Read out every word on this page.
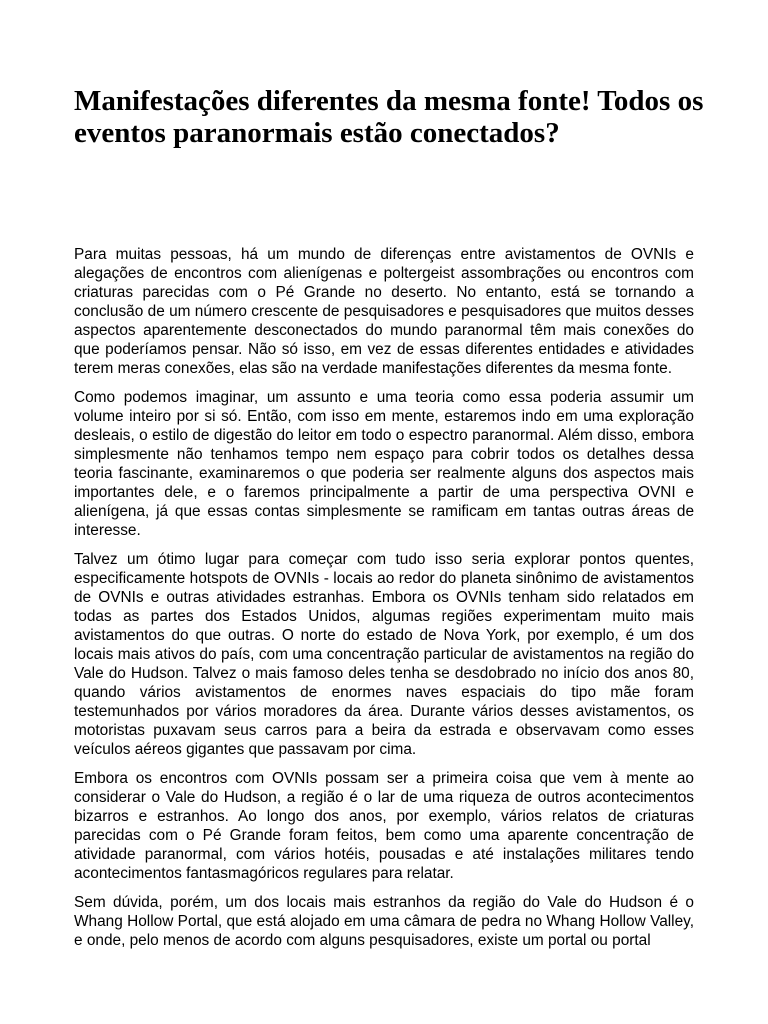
Manifestações diferentes da mesma fonte! Todos os eventos paranormais estão conectados?

Para muitas pessoas, há um mundo de diferenças entre avistamentos de OVNIs e alegações de encontros com alienígenas e poltergeist assombrações ou encontros com criaturas parecidas com o Pé Grande no deserto. No entanto, está se tornando a conclusão de um número crescente de pesquisadores e pesquisadores que muitos desses aspectos aparentemente desconectados do mundo paranormal têm mais conexões do que poderíamos pensar. Não só isso, em vez de essas diferentes entidades e atividades terem meras conexões, elas são na verdade manifestações diferentes da mesma fonte.

Como podemos imaginar, um assunto e uma teoria como essa poderia assumir um volume inteiro por si só. Então, com isso em mente, estaremos indo em uma exploração desleais, o estilo de digestão do leitor em todo o espectro paranormal. Além disso, embora simplesmente não tenhamos tempo nem espaço para cobrir todos os detalhes dessa teoria fascinante, examinaremos o que poderia ser realmente alguns dos aspectos mais importantes dele, e o faremos principalmente a partir de uma perspectiva OVNI e alienígena, já que essas contas simplesmente se ramificam em tantas outras áreas de interesse.

Talvez um ótimo lugar para começar com tudo isso seria explorar pontos quentes, especificamente hotspots de OVNIs - locais ao redor do planeta sinônimo de avistamentos de OVNIs e outras atividades estranhas. Embora os OVNIs tenham sido relatados em todas as partes dos Estados Unidos, algumas regiões experimentam muito mais avistamentos do que outras. O norte do estado de Nova York, por exemplo, é um dos locais mais ativos do país, com uma concentração particular de avistamentos na região do Vale do Hudson. Talvez o mais famoso deles tenha se desdobrado no início dos anos 80, quando vários avistamentos de enormes naves espaciais do tipo mãe foram testemunhados por vários moradores da área. Durante vários desses avistamentos, os motoristas puxavam seus carros para a beira da estrada e observavam como esses veículos aéreos gigantes que passavam por cima.

Embora os encontros com OVNIs possam ser a primeira coisa que vem à mente ao considerar o Vale do Hudson, a região é o lar de uma riqueza de outros acontecimentos bizarros e estranhos. Ao longo dos anos, por exemplo, vários relatos de criaturas parecidas com o Pé Grande foram feitos, bem como uma aparente concentração de atividade paranormal, com vários hotéis, pousadas e até instalações militares tendo acontecimentos fantasmagóricos regulares para relatar.

Sem dúvida, porém, um dos locais mais estranhos da região do Vale do Hudson é o Whang Hollow Portal, que está alojado em uma câmara de pedra no Whang Hollow Valley, e onde, pelo menos de acordo com alguns pesquisadores, existe um portal ou portal
